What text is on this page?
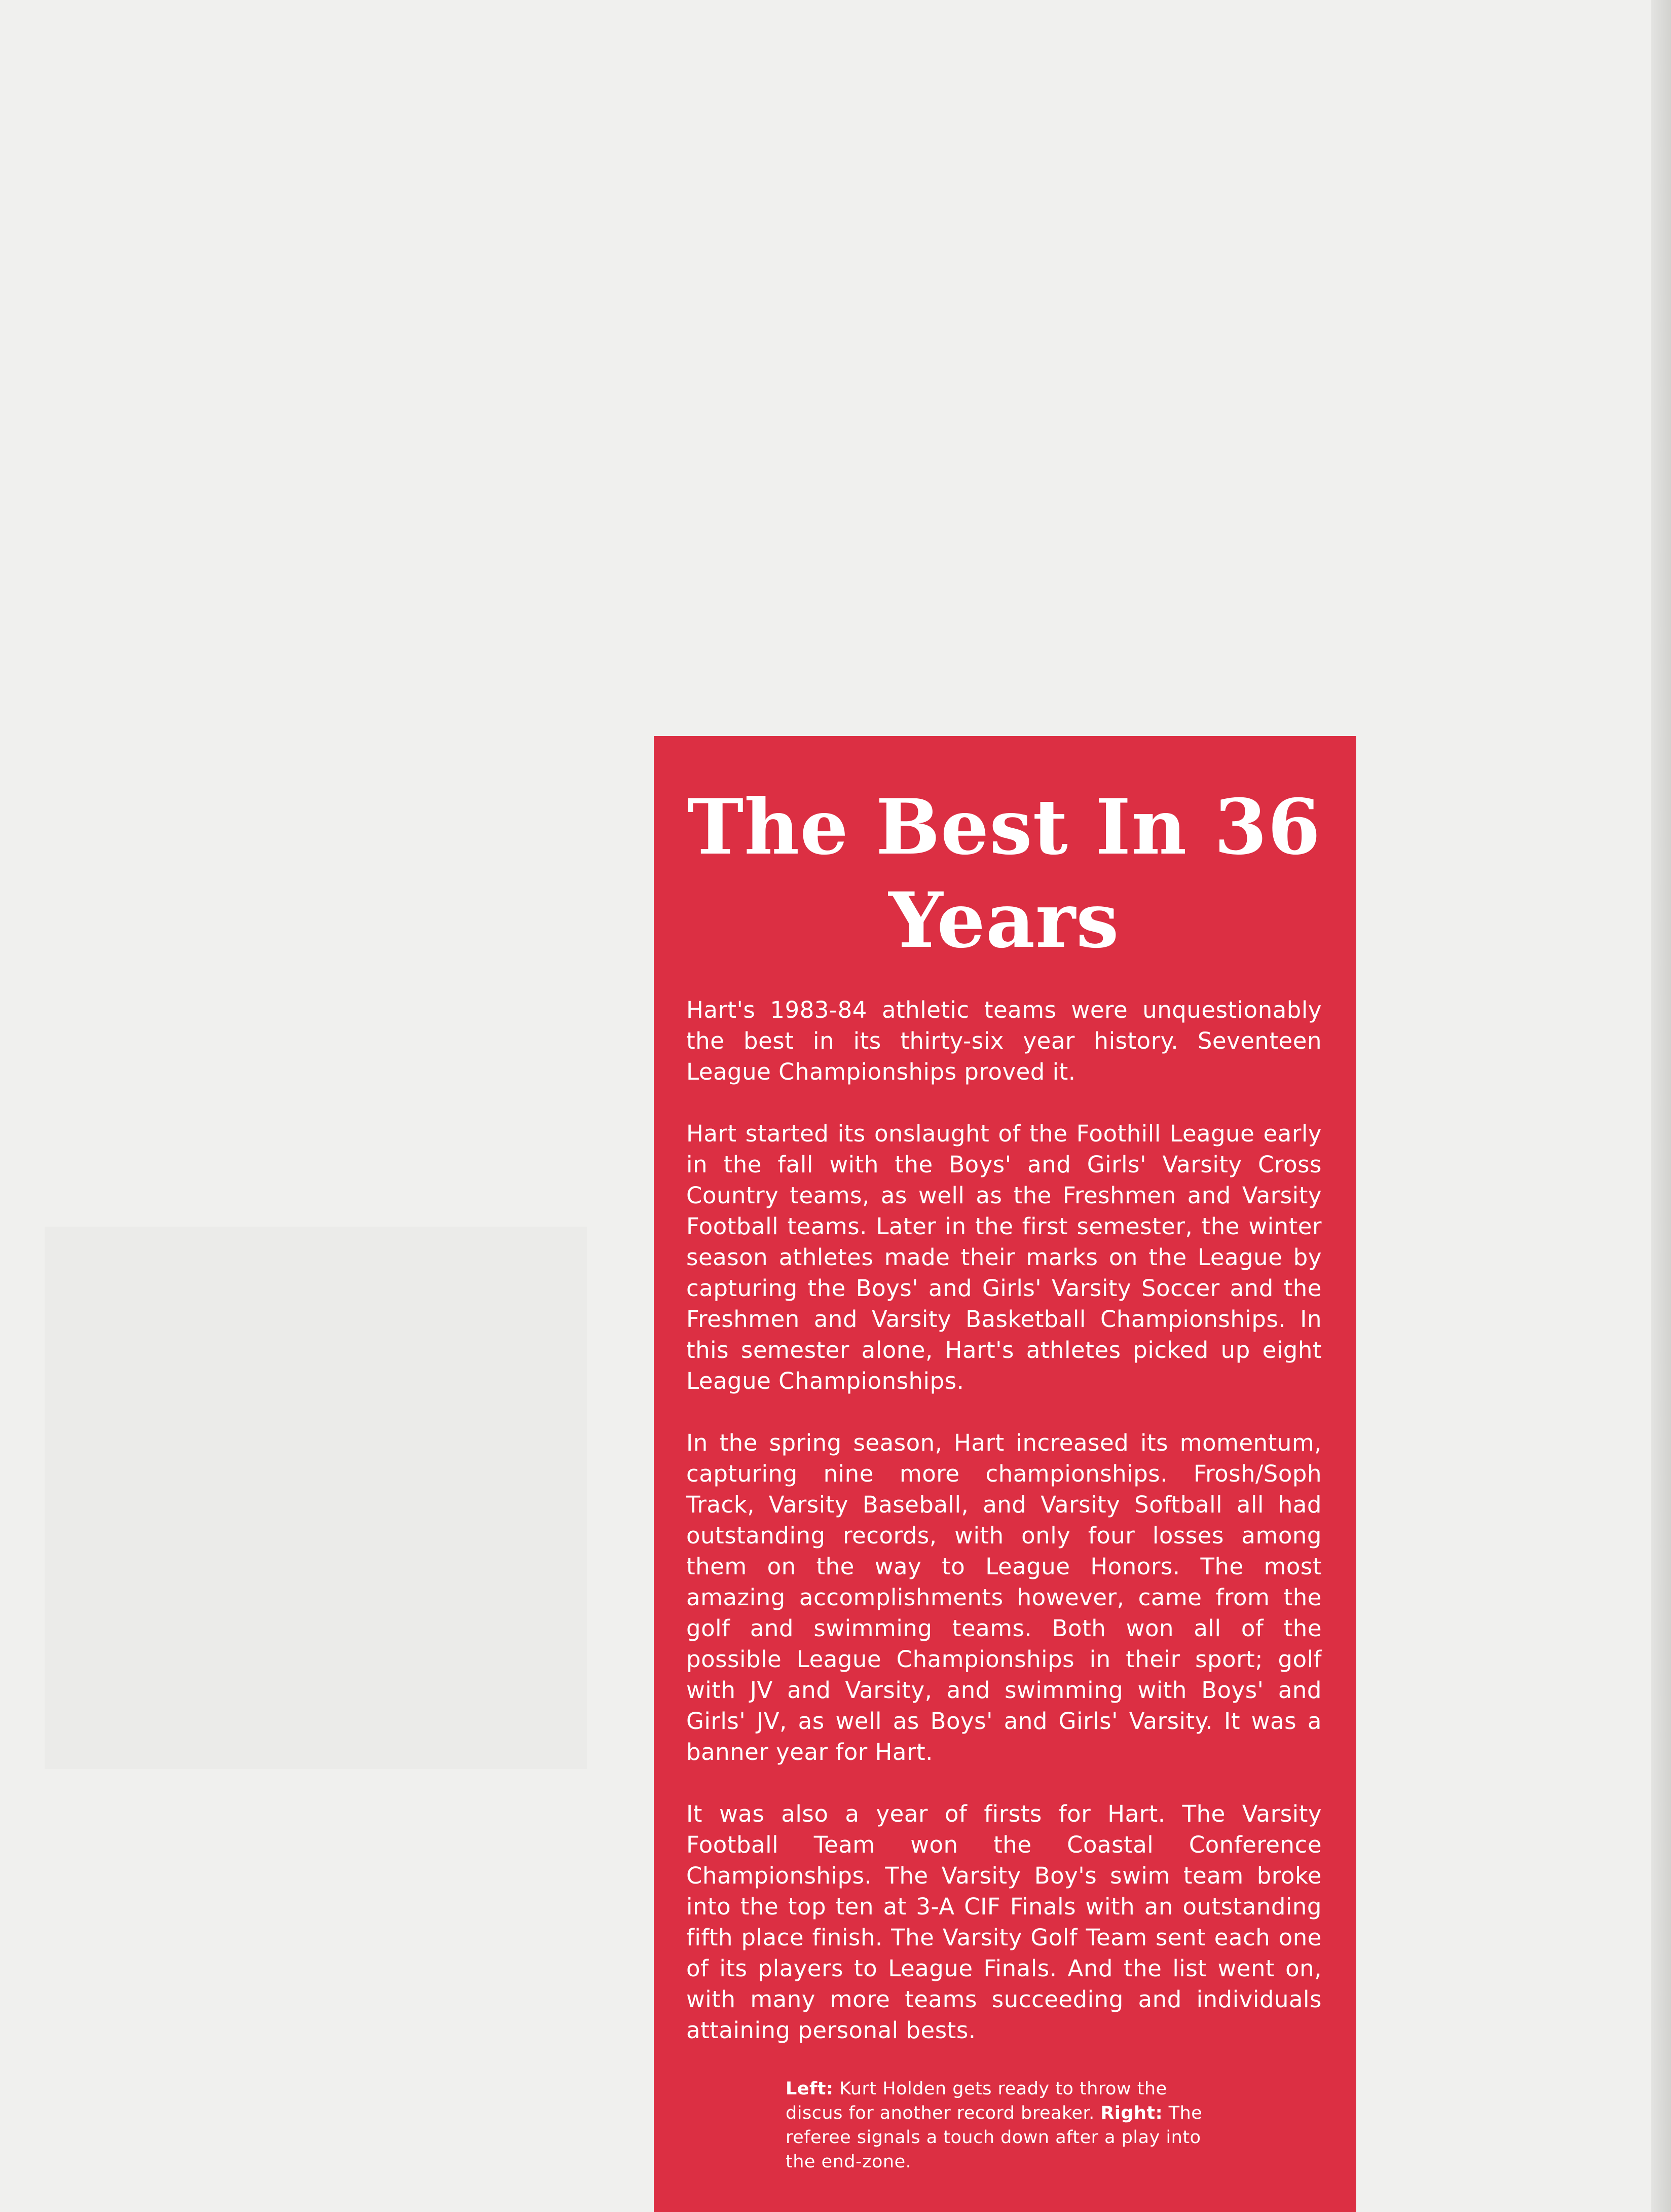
The Best In 36 Years

Hart's 1983-84 athletic teams were unquestionably the best in its thirty-six year history. Seventeen League Championships proved it.

Hart started its onslaught of the Foothill League early in the fall with the Boys' and Girls' Varsity Cross Country teams, as well as the Freshmen and Varsity Football teams. Later in the first semester, the winter season athletes made their marks on the League by capturing the Boys' and Girls' Varsity Soccer and the Freshmen and Varsity Basketball Championships. In this semester alone, Hart's athletes picked up eight League Championships.

In the spring season, Hart increased its momentum, capturing nine more championships. Frosh/Soph Track, Varsity Baseball, and Varsity Softball all had outstanding records, with only four losses among them on the way to League Honors. The most amazing accomplishments however, came from the golf and swimming teams. Both won all of the possible League Championships in their sport; golf with JV and Varsity, and swimming with Boys' and Girls' JV, as well as Boys' and Girls' Varsity. It was a banner year for Hart.

It was also a year of firsts for Hart. The Varsity Football Team won the Coastal Conference Championships. The Varsity Boy's swim team broke into the top ten at 3-A CIF Finals with an outstanding fifth place finish. The Varsity Golf Team sent each one of its players to League Finals. And the list went on, with many more teams succeeding and individuals attaining personal bests.

Left: Kurt Holden gets ready to throw the discus for another record breaker. Right: The referee signals a touch down after a play into the end-zone.
